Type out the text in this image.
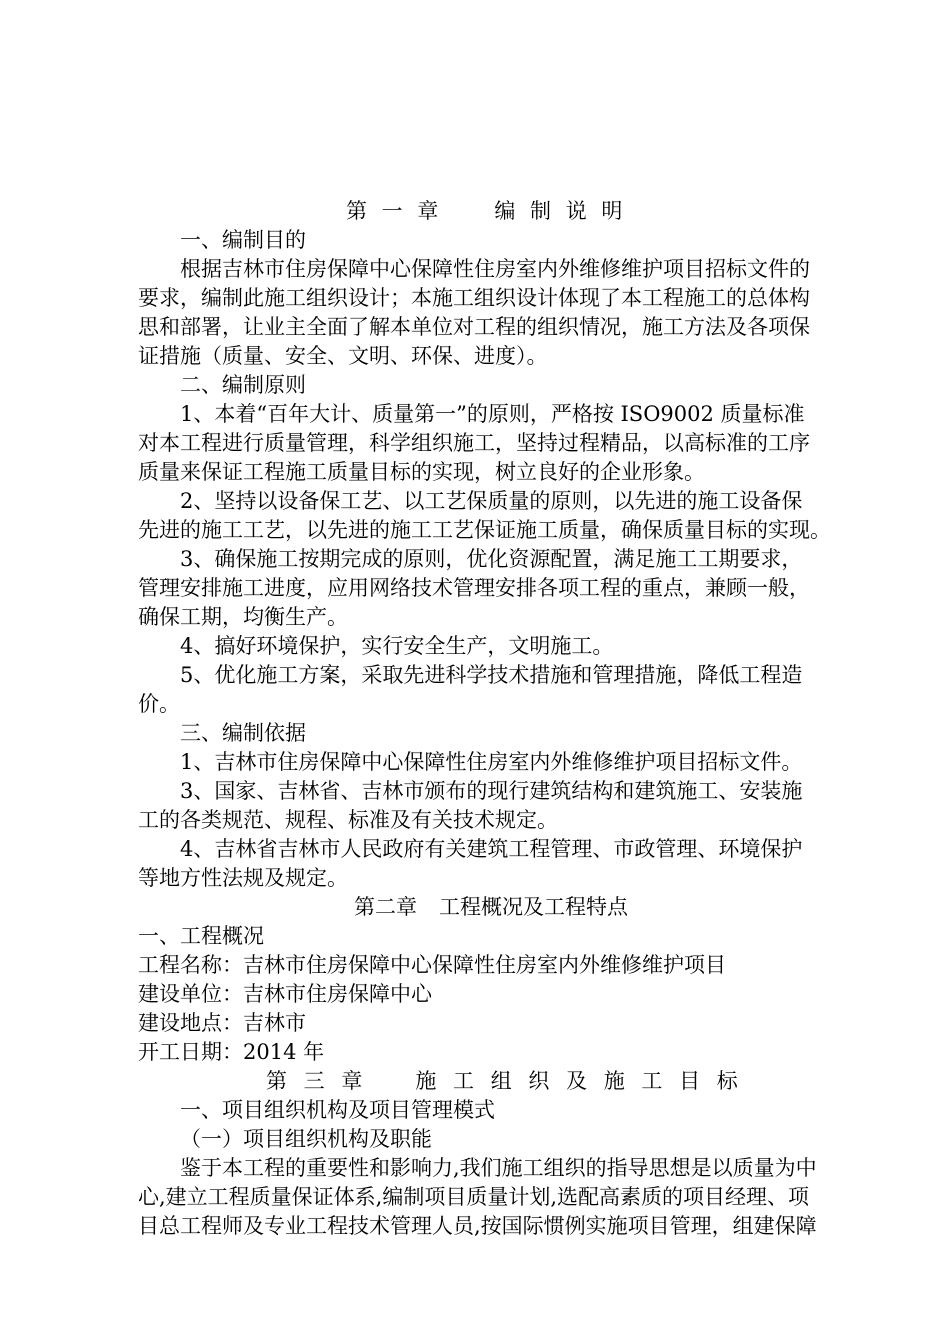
第 一 章 编 制 说 明
一、编制目的
根据吉林市住房保障中心保障性住房室内外维修维护项目招标文件的
要求，编制此施工组织设计；本施工组织设计体现了本工程施工的总体构
思和部署，让业主全面了解本单位对工程的组织情况，施工方法及各项保
证措施（质量、安全、文明、环保、进度）。
二、编制原则
1、本着“百年大计、质量第一”的原则，严格按 ISO9002 质量标准
对本工程进行质量管理，科学组织施工，坚持过程精品，以高标准的工序
质量来保证工程施工质量目标的实现，树立良好的企业形象。
2、坚持以设备保工艺、以工艺保质量的原则，以先进的施工设备保
先进的施工工艺，以先进的施工工艺保证施工质量，确保质量目标的实现。
3、确保施工按期完成的原则，优化资源配置，满足施工工期要求，
管理安排施工进度，应用网络技术管理安排各项工程的重点，兼顾一般，
确保工期，均衡生产。
4、搞好环境保护，实行安全生产，文明施工。
5、优化施工方案，采取先进科学技术措施和管理措施，降低工程造
价。
三、编制依据
1、吉林市住房保障中心保障性住房室内外维修维护项目招标文件。
3、国家、吉林省、吉林市颁布的现行建筑结构和建筑施工、安装施
工的各类规范、规程、标准及有关技术规定。
4、吉林省吉林市人民政府有关建筑工程管理、市政管理、环境保护
等地方性法规及规定。
第二章 工程概况及工程特点
一、工程概况
工程名称：吉林市住房保障中心保障性住房室内外维修维护项目
建设单位：吉林市住房保障中心
建设地点：吉林市
开工日期：2014 年
第 三 章 施 工 组 织 及 施 工 目 标
一、项目组织机构及项目管理模式
（一）项目组织机构及职能
鉴于本工程的重要性和影响力,我们施工组织的指导思想是以质量为中
心,建立工程质量保证体系,编制项目质量计划,选配高素质的项目经理、项
目总工程师及专业工程技术管理人员,按国际惯例实施项目管理，组建保障
